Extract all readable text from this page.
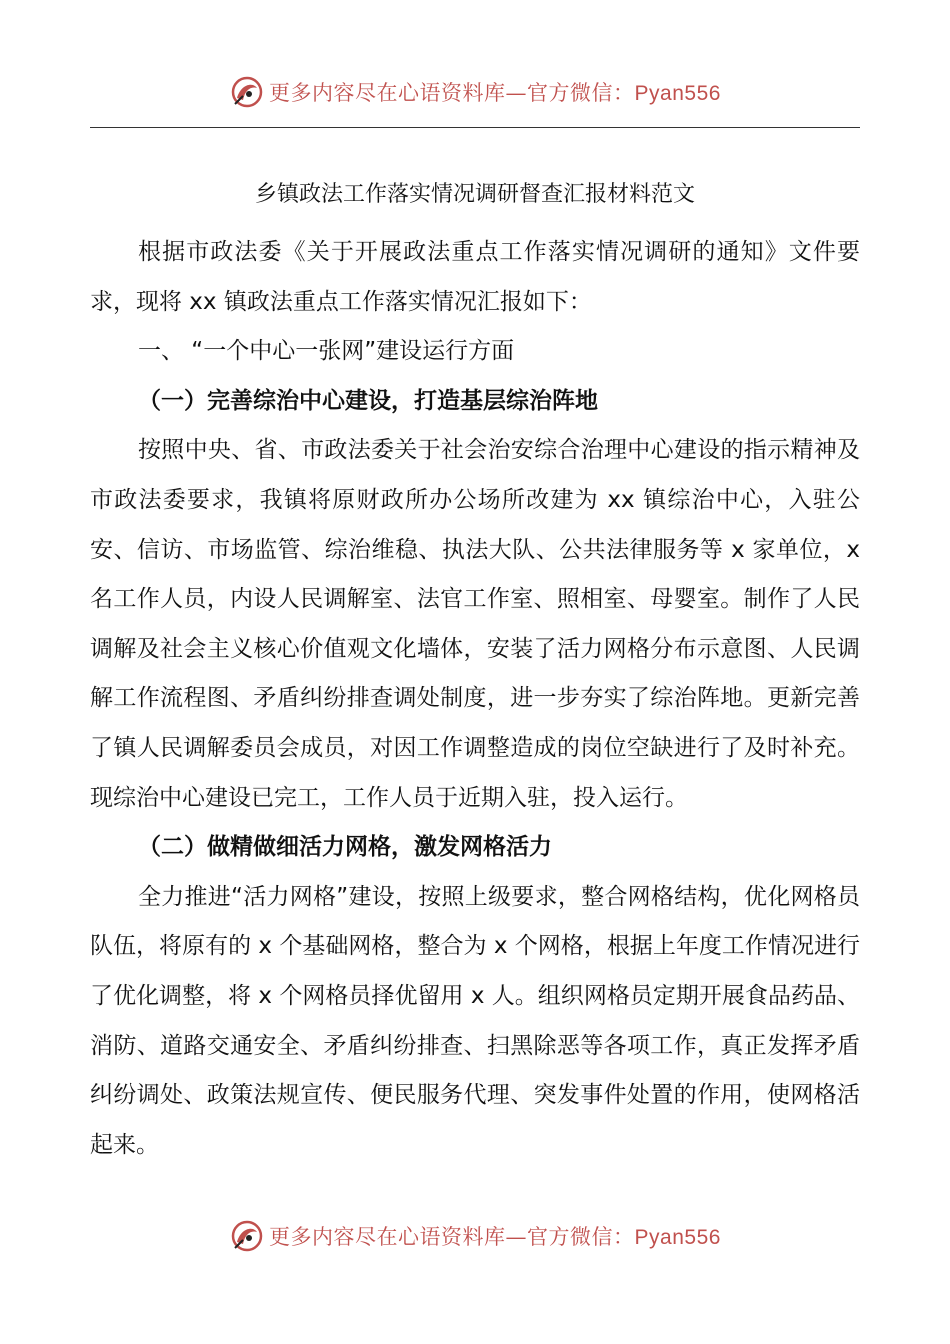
更多内容尽在心语资料库—官方微信：Pyan556
乡镇政法工作落实情况调研督查汇报材料范文

根据市政法委《关于开展政法重点工作落实情况调研的通知》文件要求，现将 xx 镇政法重点工作落实情况汇报如下：

一、 “一个中心一张网”建设运行方面

（一）完善综治中心建设，打造基层综治阵地

按照中央、省、市政法委关于社会治安综合治理中心建设的指示精神及市政法委要求，我镇将原财政所办公场所改建为 xx 镇综治中心，入驻公安、信访、市场监管、综治维稳、执法大队、公共法律服务等 x 家单位，x 名工作人员，内设人民调解室、法官工作室、照相室、母婴室。制作了人民调解及社会主义核心价值观文化墙体，安装了活力网格分布示意图、人民调解工作流程图、矛盾纠纷排查调处制度，进一步夯实了综治阵地。更新完善了镇人民调解委员会成员，对因工作调整造成的岗位空缺进行了及时补充。现综治中心建设已完工，工作人员于近期入驻，投入运行。

（二）做精做细活力网格，激发网格活力

全力推进“活力网格”建设，按照上级要求，整合网格结构，优化网格员队伍，将原有的 x 个基础网格，整合为 x 个网格，根据上年度工作情况进行了优化调整，将 x 个网格员择优留用 x 人。组织网格员定期开展食品药品、消防、道路交通安全、矛盾纠纷排查、扫黑除恶等各项工作，真正发挥矛盾纠纷调处、政策法规宣传、便民服务代理、突发事件处置的作用，使网格活起来。

更多内容尽在心语资料库—官方微信：Pyan556
